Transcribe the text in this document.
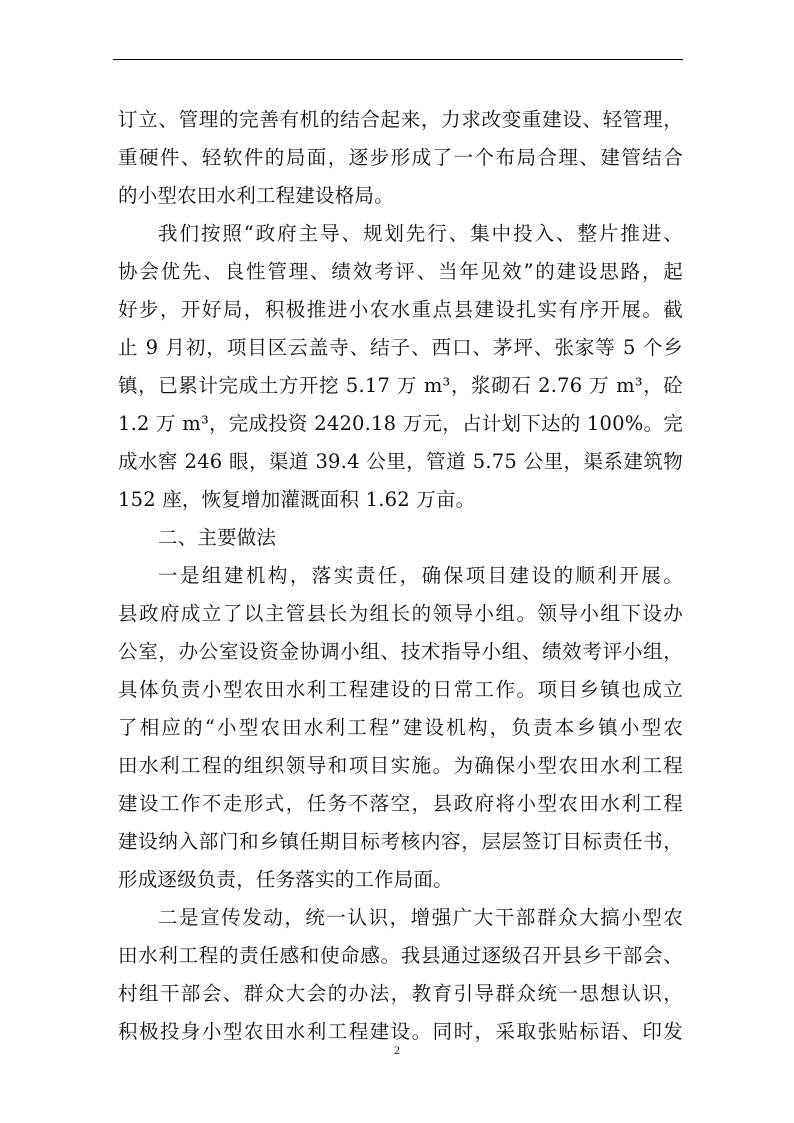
订立、管理的完善有机的结合起来，力求改变重建设、轻管理，
重硬件、轻软件的局面，逐步形成了一个布局合理、建管结合
的小型农田水利工程建设格局。
我们按照“政府主导、规划先行、集中投入、整片推进、
协会优先、良性管理、绩效考评、当年见效”的建设思路，起
好步，开好局，积极推进小农水重点县建设扎实有序开展。截
止 9 月初，项目区云盖寺、结子、西口、茅坪、张家等 5 个乡
镇，已累计完成土方开挖 5.17 万 m³，浆砌石 2.76 万 m³，砼
1.2 万 m³，完成投资 2420.18 万元，占计划下达的 100%。完
成水窖 246 眼，渠道 39.4 公里，管道 5.75 公里，渠系建筑物
152 座，恢复增加灌溉面积 1.62 万亩。
二、主要做法
一是组建机构，落实责任，确保项目建设的顺利开展。
县政府成立了以主管县长为组长的领导小组。领导小组下设办
公室，办公室设资金协调小组、技术指导小组、绩效考评小组，
具体负责小型农田水利工程建设的日常工作。项目乡镇也成立
了相应的“小型农田水利工程”建设机构，负责本乡镇小型农
田水利工程的组织领导和项目实施。为确保小型农田水利工程
建设工作不走形式，任务不落空，县政府将小型农田水利工程
建设纳入部门和乡镇任期目标考核内容，层层签订目标责任书，
形成逐级负责，任务落实的工作局面。
二是宣传发动，统一认识，增强广大干部群众大搞小型农
田水利工程的责任感和使命感。我县通过逐级召开县乡干部会、
村组干部会、群众大会的办法，教育引导群众统一思想认识，
积极投身小型农田水利工程建设。同时，采取张贴标语、印发
2
